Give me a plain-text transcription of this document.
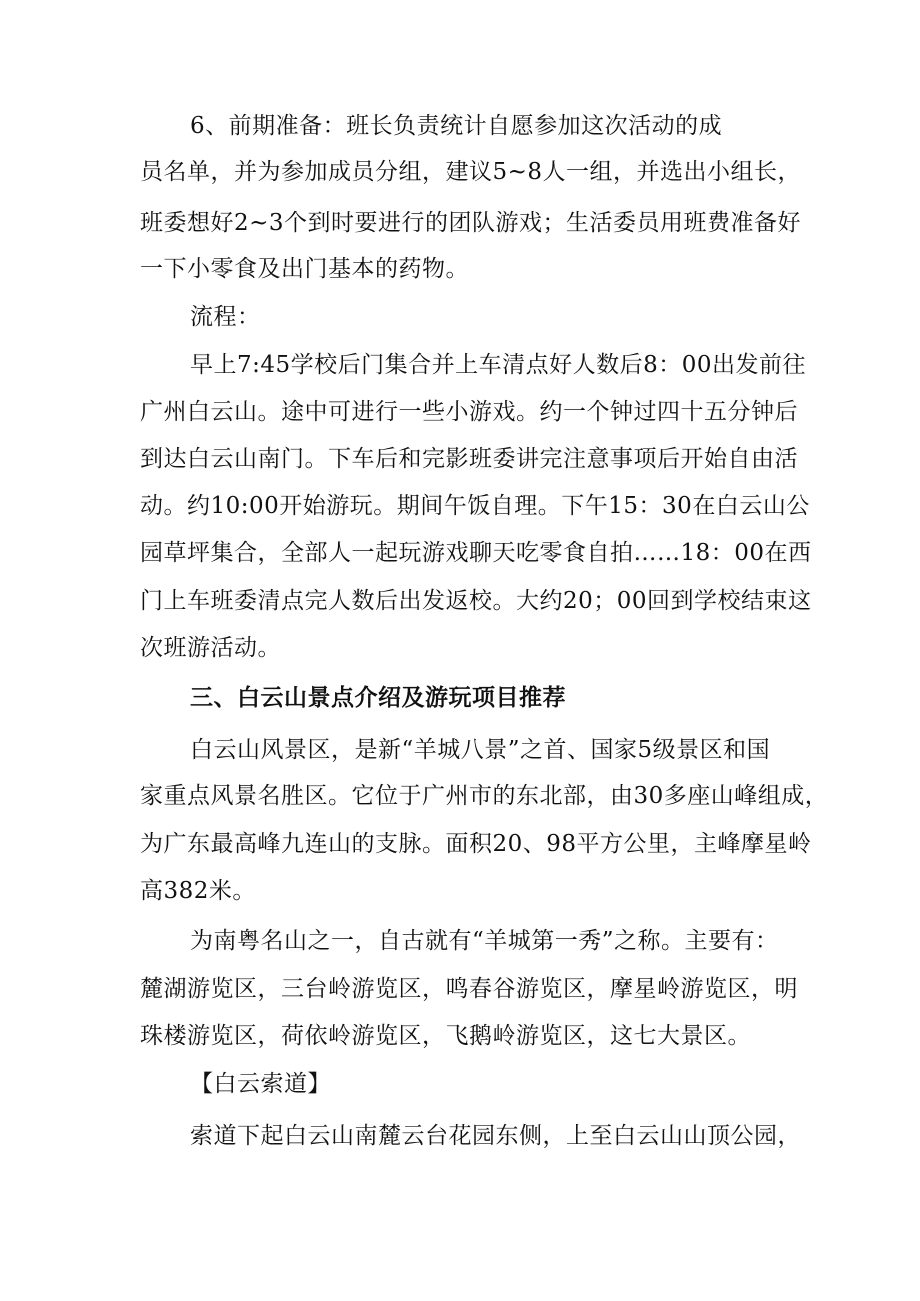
6、前期准备：班长负责统计自愿参加这次活动的成
员名单，并为参加成员分组，建议5~8人一组，并选出小组长，
班委想好2~3个到时要进行的团队游戏；生活委员用班费准备好
一下小零食及出门基本的药物。
流程：
早上7:45学校后门集合并上车清点好人数后8：00出发前往
广州白云山。途中可进行一些小游戏。约一个钟过四十五分钟后
到达白云山南门。下车后和完影班委讲完注意事项后开始自由活
动。约10:00开始游玩。期间午饭自理。下午15：30在白云山公
园草坪集合，全部人一起玩游戏聊天吃零食自拍……18：00在西
门上车班委清点完人数后出发返校。大约20；00回到学校结束这
次班游活动。
三、白云山景点介绍及游玩项目推荐
白云山风景区，是新“羊城八景”之首、国家5级景区和国
家重点风景名胜区。它位于广州市的东北部，由30多座山峰组成，
为广东最高峰九连山的支脉。面积20、98平方公里，主峰摩星岭
高382米。
为南粤名山之一，自古就有“羊城第一秀”之称。主要有：
麓湖游览区，三台岭游览区，鸣春谷游览区，摩星岭游览区，明
珠楼游览区，荷依岭游览区，飞鹅岭游览区，这七大景区。
【白云索道】
索道下起白云山南麓云台花园东侧，上至白云山山顶公园，
